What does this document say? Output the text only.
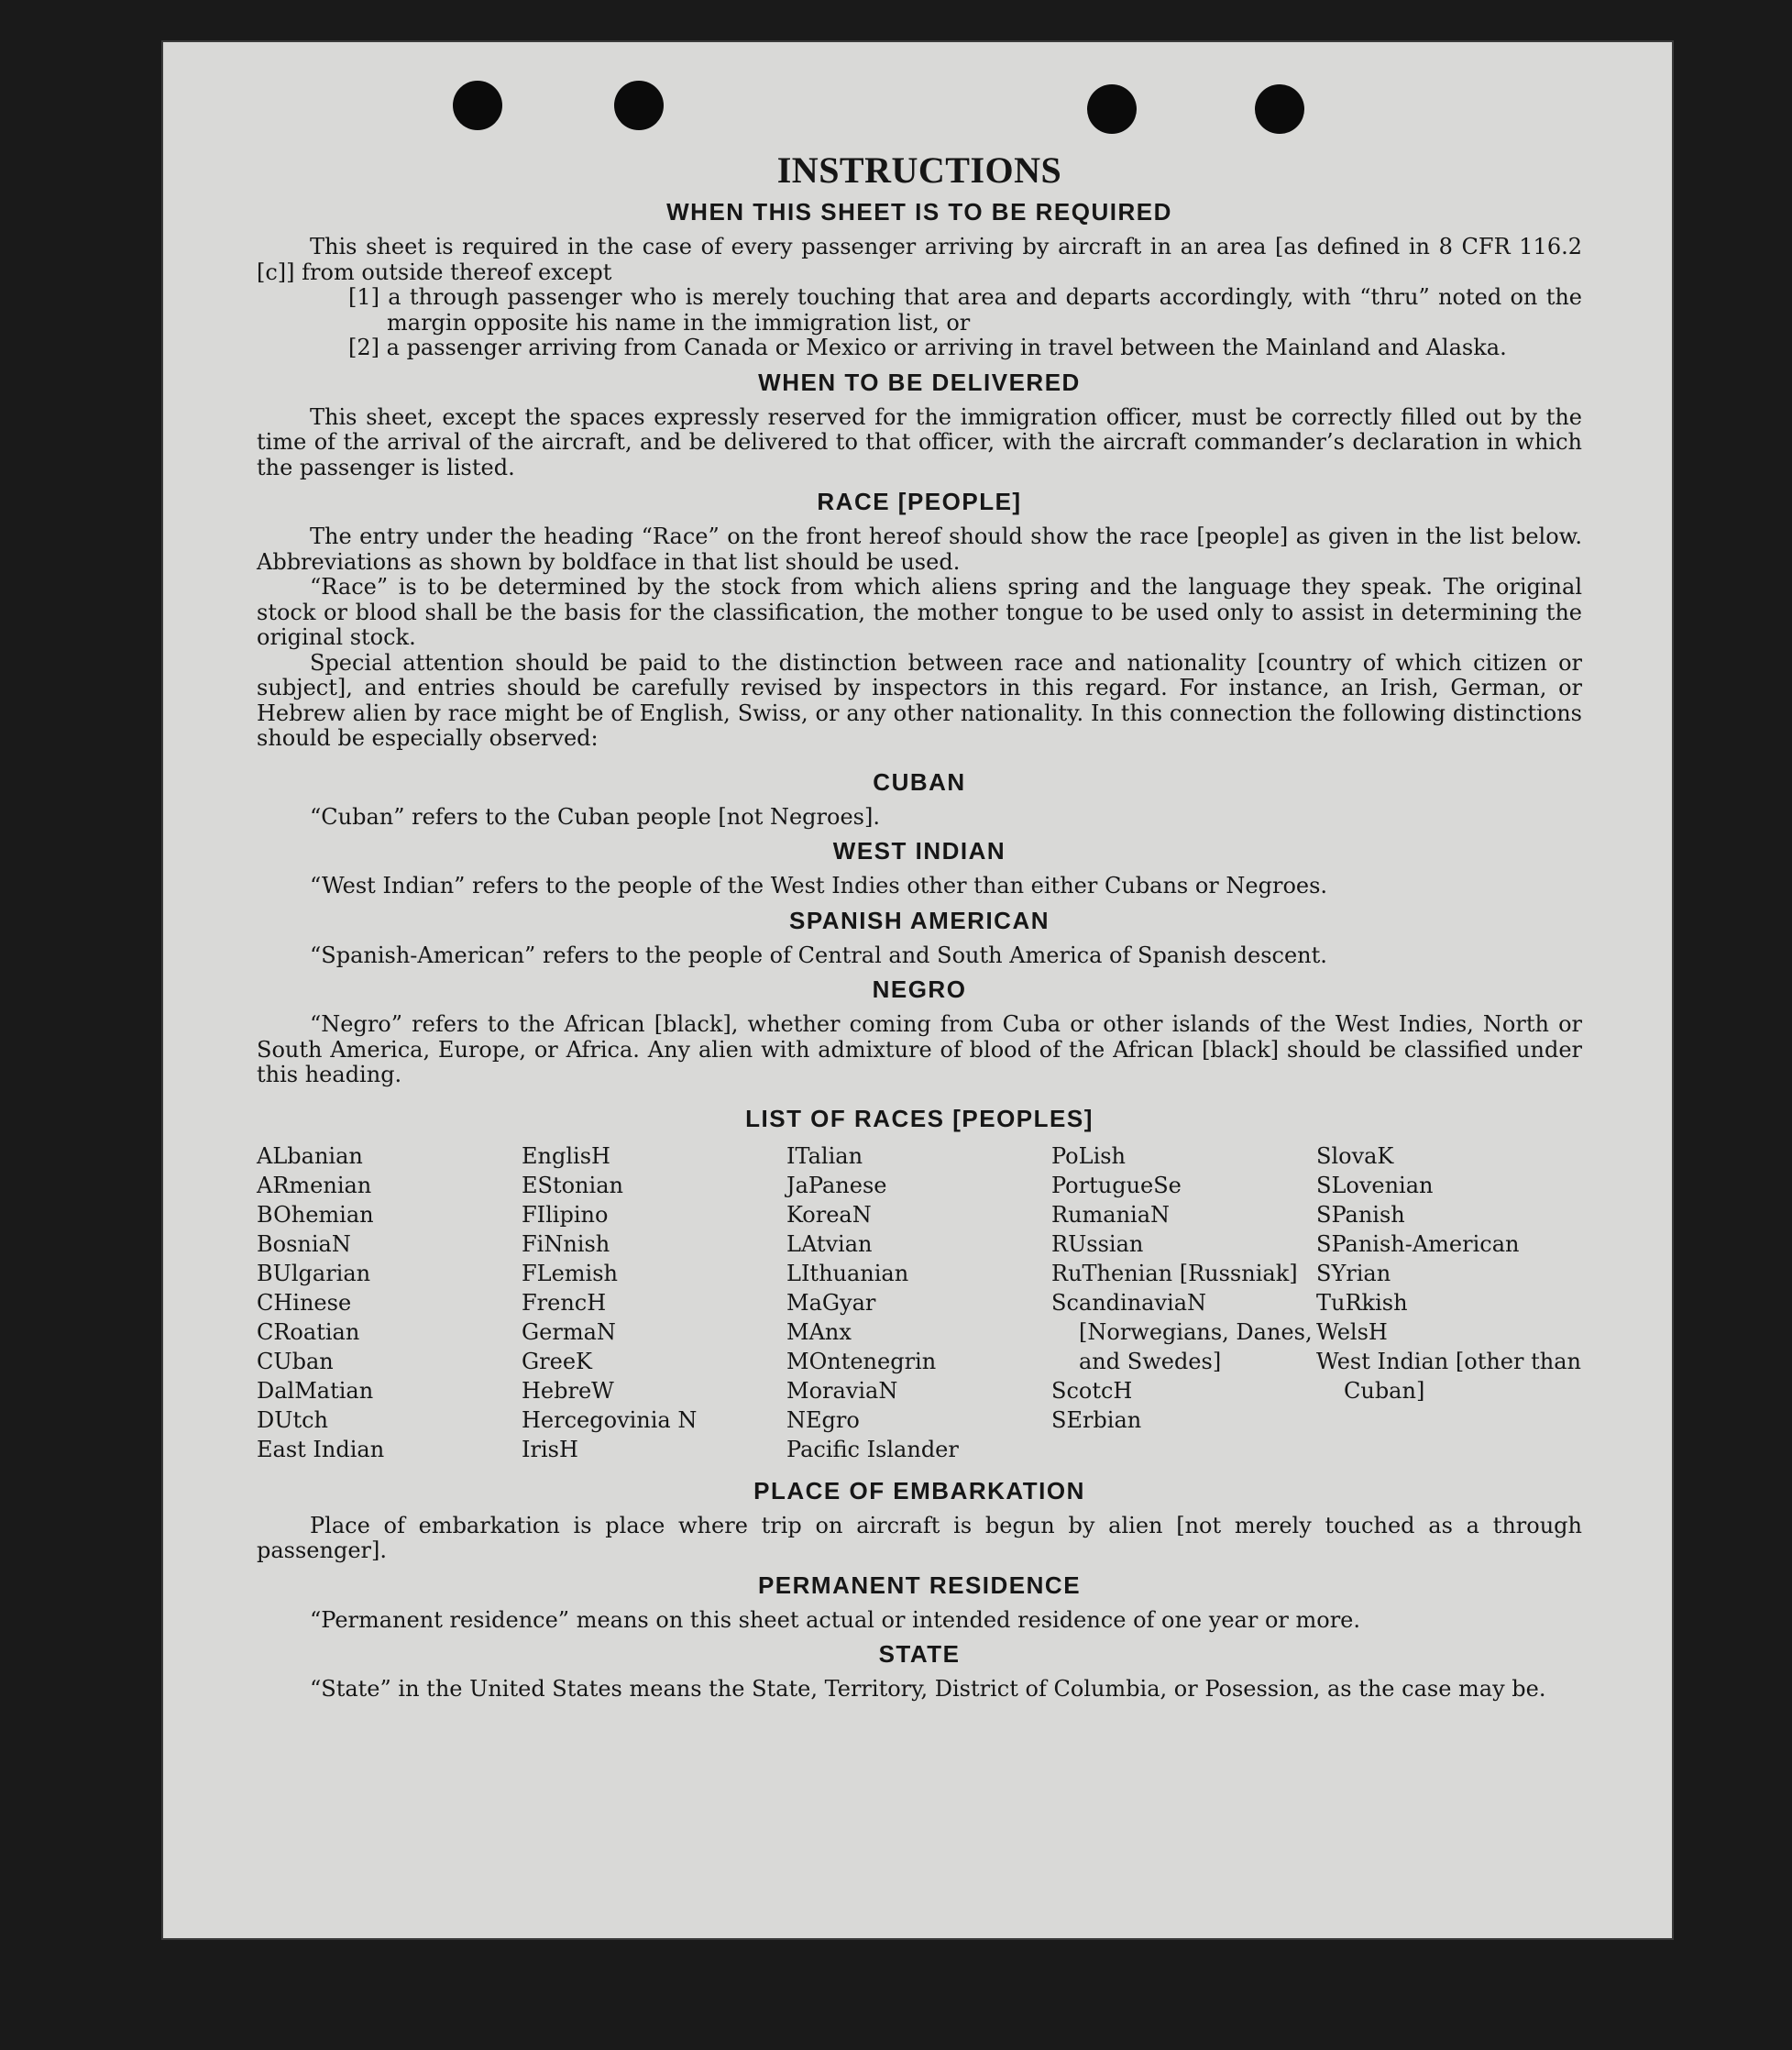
INSTRUCTIONS
WHEN THIS SHEET IS TO BE REQUIRED

This sheet is required in the case of every passenger arriving by aircraft in an area [as defined in 8 CFR 116.2 [c]] from outside thereof except

[1] a through passenger who is merely touching that area and departs accordingly, with “thru” noted on the margin opposite his name in the immigration list, or

[2] a passenger arriving from Canada or Mexico or arriving in travel between the Mainland and Alaska.

WHEN TO BE DELIVERED

This sheet, except the spaces expressly reserved for the immigration officer, must be correctly filled out by the time of the arrival of the aircraft, and be delivered to that officer, with the aircraft commander’s declaration in which the passenger is listed.

RACE [PEOPLE]

The entry under the heading “Race” on the front hereof should show the race [people] as given in the list below. Abbreviations as shown by boldface in that list should be used.

“Race” is to be determined by the stock from which aliens spring and the language they speak. The original stock or blood shall be the basis for the classification, the mother tongue to be used only to assist in determining the original stock.

Special attention should be paid to the distinction between race and nationality [country of which citizen or subject], and entries should be carefully revised by inspectors in this regard. For instance, an Irish, German, or Hebrew alien by race might be of English, Swiss, or any other nationality. In this connection the following distinctions should be especially observed:

CUBAN

“Cuban” refers to the Cuban people [not Negroes].

WEST INDIAN

“West Indian” refers to the people of the West Indies other than either Cubans or Negroes.

SPANISH AMERICAN

“Spanish-American” refers to the people of Central and South America of Spanish descent.

NEGRO

“Negro” refers to the African [black], whether coming from Cuba or other islands of the West Indies, North or South America, Europe, or Africa. Any alien with admixture of blood of the African [black] should be classified under this heading.

LIST OF RACES [PEOPLES]
ALbanian
ARmenian
BOhemian
BosniaN
BUlgarian
CHinese
CRoatian
CUban
DalMatian
DUtch
East Indian
EnglisH
EStonian
FIlipino
FiNnish
FLemish
FrencH
GermaN
GreeK
HebreW
Hercegovinia N
IrisH
ITalian
JaPanese
KoreaN
LAtvian
LIthuanian
MaGyar
MAnx
MOntenegrin
MoraviaN
NEgro
Pacific Islander
PoLish
PortugueSe
RumaniaN
RUssian
RuThenian [Russniak]
ScandinaviaN [Norwegians, Danes, and Swedes]
ScotcH
SErbian
SlovaK
SLovenian
SPanish
SPanish-American
SYrian
TuRkish
WelsH
West Indian [other than Cuban]
PLACE OF EMBARKATION

Place of embarkation is place where trip on aircraft is begun by alien [not merely touched as a through passenger].

PERMANENT RESIDENCE

“Permanent residence” means on this sheet actual or intended residence of one year or more.

STATE

“State” in the United States means the State, Territory, District of Columbia, or Posession, as the case may be.
